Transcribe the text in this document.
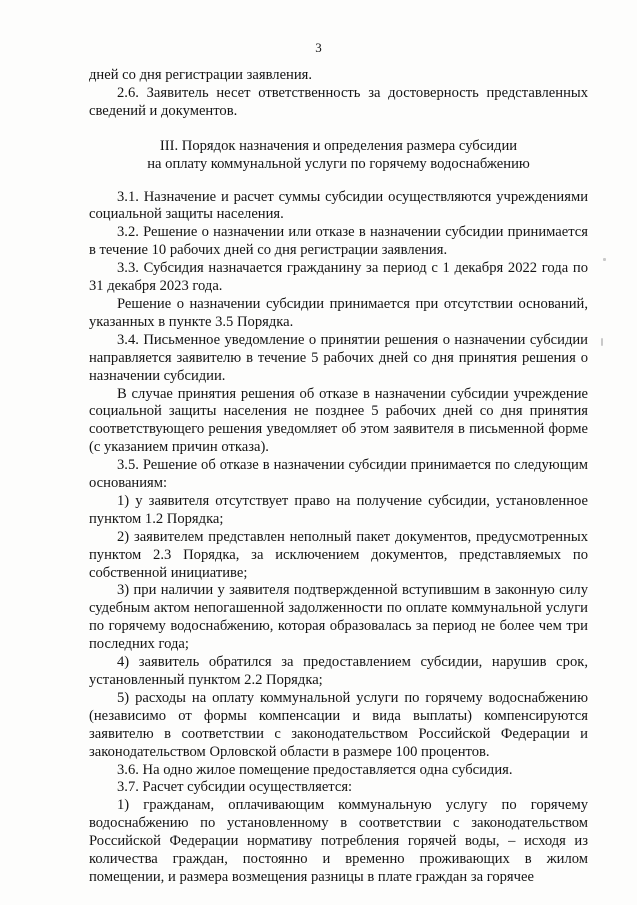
3

дней со дня регистрации заявления.

2.6. Заявитель несет ответственность за достоверность представленных сведений и документов.

III. Порядок назначения и определения размера субсидии
на оплату коммунальной услуги по горячему водоснабжению

3.1. Назначение и расчет суммы субсидии осуществляются учреждениями социальной защиты населения.

3.2. Решение о назначении или отказе в назначении субсидии принимается в течение 10 рабочих дней со дня регистрации заявления.

3.3. Субсидия назначается гражданину за период с 1 декабря 2022 года по 31 декабря 2023 года.

Решение о назначении субсидии принимается при отсутствии оснований, указанных в пункте 3.5 Порядка.

3.4. Письменное уведомление о принятии решения о назначении субсидии направляется заявителю в течение 5 рабочих дней со дня принятия решения о назначении субсидии.

В случае принятия решения об отказе в назначении субсидии учреждение социальной защиты населения не позднее 5 рабочих дней со дня принятия соответствующего решения уведомляет об этом заявителя в письменной форме (с указанием причин отказа).

3.5. Решение об отказе в назначении субсидии принимается по следующим основаниям:

1) у заявителя отсутствует право на получение субсидии, установленное пунктом 1.2 Порядка;

2) заявителем представлен неполный пакет документов, предусмотренных пунктом 2.3 Порядка, за исключением документов, представляемых по собственной инициативе;

3) при наличии у заявителя подтвержденной вступившим в законную силу судебным актом непогашенной задолженности по оплате коммунальной услуги по горячему водоснабжению, которая образовалась за период не более чем три последних года;

4) заявитель обратился за предоставлением субсидии, нарушив срок, установленный пунктом 2.2 Порядка;

5) расходы на оплату коммунальной услуги по горячему водоснабжению (независимо от формы компенсации и вида выплаты) компенсируются заявителю в соответствии с законодательством Российской Федерации и законодательством Орловской области в размере 100 процентов.

3.6. На одно жилое помещение предоставляется одна субсидия.

3.7. Расчет субсидии осуществляется:

1) гражданам, оплачивающим коммунальную услугу по горячему водоснабжению по установленному в соответствии с законодательством Российской Федерации нормативу потребления горячей воды, – исходя из количества граждан, постоянно и временно проживающих в жилом помещении, и размера возмещения разницы в плате граждан за горячее
